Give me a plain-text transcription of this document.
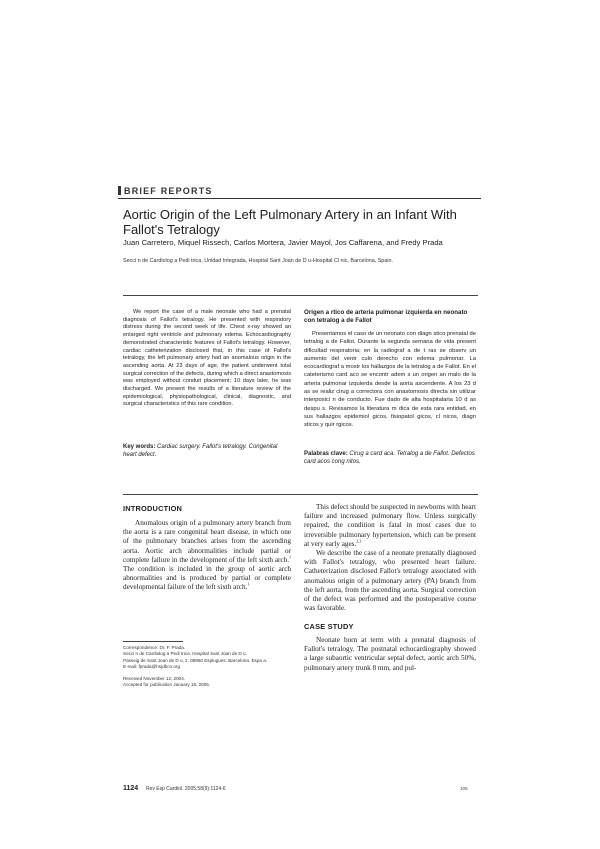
BRIEF REPORTS
Aortic Origin of the Left Pulmonary Artery in an Infant With Fallot's Tetralogy
Juan Carretero, Miquel Rissech, Carlos Mortera, Javier Mayol, Jos Caffarena, and Fredy Prada
Secci n de Cardiolog a Pedi trica, Unidad Integrada, Hospital Sant Joan de D u-Hospital Cl nic, Barcelona, Spain.
We report the case of a male neonate who had a prenatal diagnosis of Fallot's tetralogy. He presented with respiratory distress during the second week of life. Chest x-ray showed an enlarged right ventricle and pulmonary edema. Echocardiography demonstrated characteristic features of Fallot's tetralogy. However, cardiac catheterization disclosed that, in this case of Fallot's tetralogy, the left pulmonary artery had an anomalous origin in the ascending aorta. At 23 days of age, the patient underwent total surgical correction of the defects, during which a direct anastomosis was employed without conduit placement; 10 days later, he was discharged. We present the results of a literature review of the epidemiological, physiopathological, clinical, diagnostic, and surgical characteristics of this rare condition.
Key words: Cardiac surgery. Fallot's tetralogy. Congenital heart defect.
Origen a rtico de arteria pulmonar izquierda en neonato con tetralog a de Fallot
Presentamos el caso de un neonato con diagn stico prenatal de tetralog a de Fallot. Durante la segunda semana de vida present dificultad respiratoria; en la radiograf a de t rax se observ un aumento del ventr culo derecho con edema pulmonar. La ecocardiograf a mostr los hallazgos de la tetralog a de Fallot. En el cateterismo card aco se encontr adem s un origen an malo de la arteria pulmonar izquierda desde la aorta ascendente. A los 23 d as se realiz cirug a correctora con anastomosis directa sin utilizar interposici n de conducto. Fue dado de alta hospitalaria 10 d as despu s. Revisamos la literatura m dica de esta rara entidad, en sus hallazgos epidemiol gicos, fisiopatol gicos, cl nicos, diagn sticos y quir rgicos.
Palabras clave: Cirug a card aca. Tetralog a de Fallot. Defectos card acos cong nitos.
INTRODUCTION

Anomalous origin of a pulmonary artery branch from the aorta is a rare congenital heart disease, in which one of the pulmonary branches arises from the ascending aorta. Aortic arch abnormalities include partial or complete failure in the development of the left sixth arch.$^1$ The condition is included in the group of aortic arch abnormalities and is produced by partial or complete developmental failure of the left sixth arch.$^1$

This defect should be suspected in newborns with heart failure and increased pulmonary flow. Unless surgically repaired, the condition is fatal in most cases due to irreversible pulmonary hypertension, which can be present at very early ages.$^{2,3}$

We describe the case of a neonate prenatally diagnosed with Fallot's tetralogy, who presented heart failure. Catheterization disclosed Fallot's tetralogy associated with anomalous origin of a pulmonary artery (PA) branch from the left aorta, from the ascending aorta. Surgical correction of the defect was performed and the postoperative course was favorable.

CASE STUDY

Neonate born at term with a prenatal diagnosis of Fallot's tetralogy. The postnatal echocardiography showed a large subaortic ventricular septal defect, aortic arch 50%, pulmonary artery trunk 8 mm, and pul-

Correspondence: Dr. F. Prada.
Secci n de Cardiolog a Pedi trica. Hospital Sant Joan de D u.
Passeig de Sant Joan de D u, 2. 08950 Esplugues. Barcelona. Espa a.
E-mail: fprada@hsjdbcn.org
Received November 12, 2004.
Accepted for publication January 18, 2005.
1124 Rev Esp Cardiol. 2005;58(9):1124-6	105
